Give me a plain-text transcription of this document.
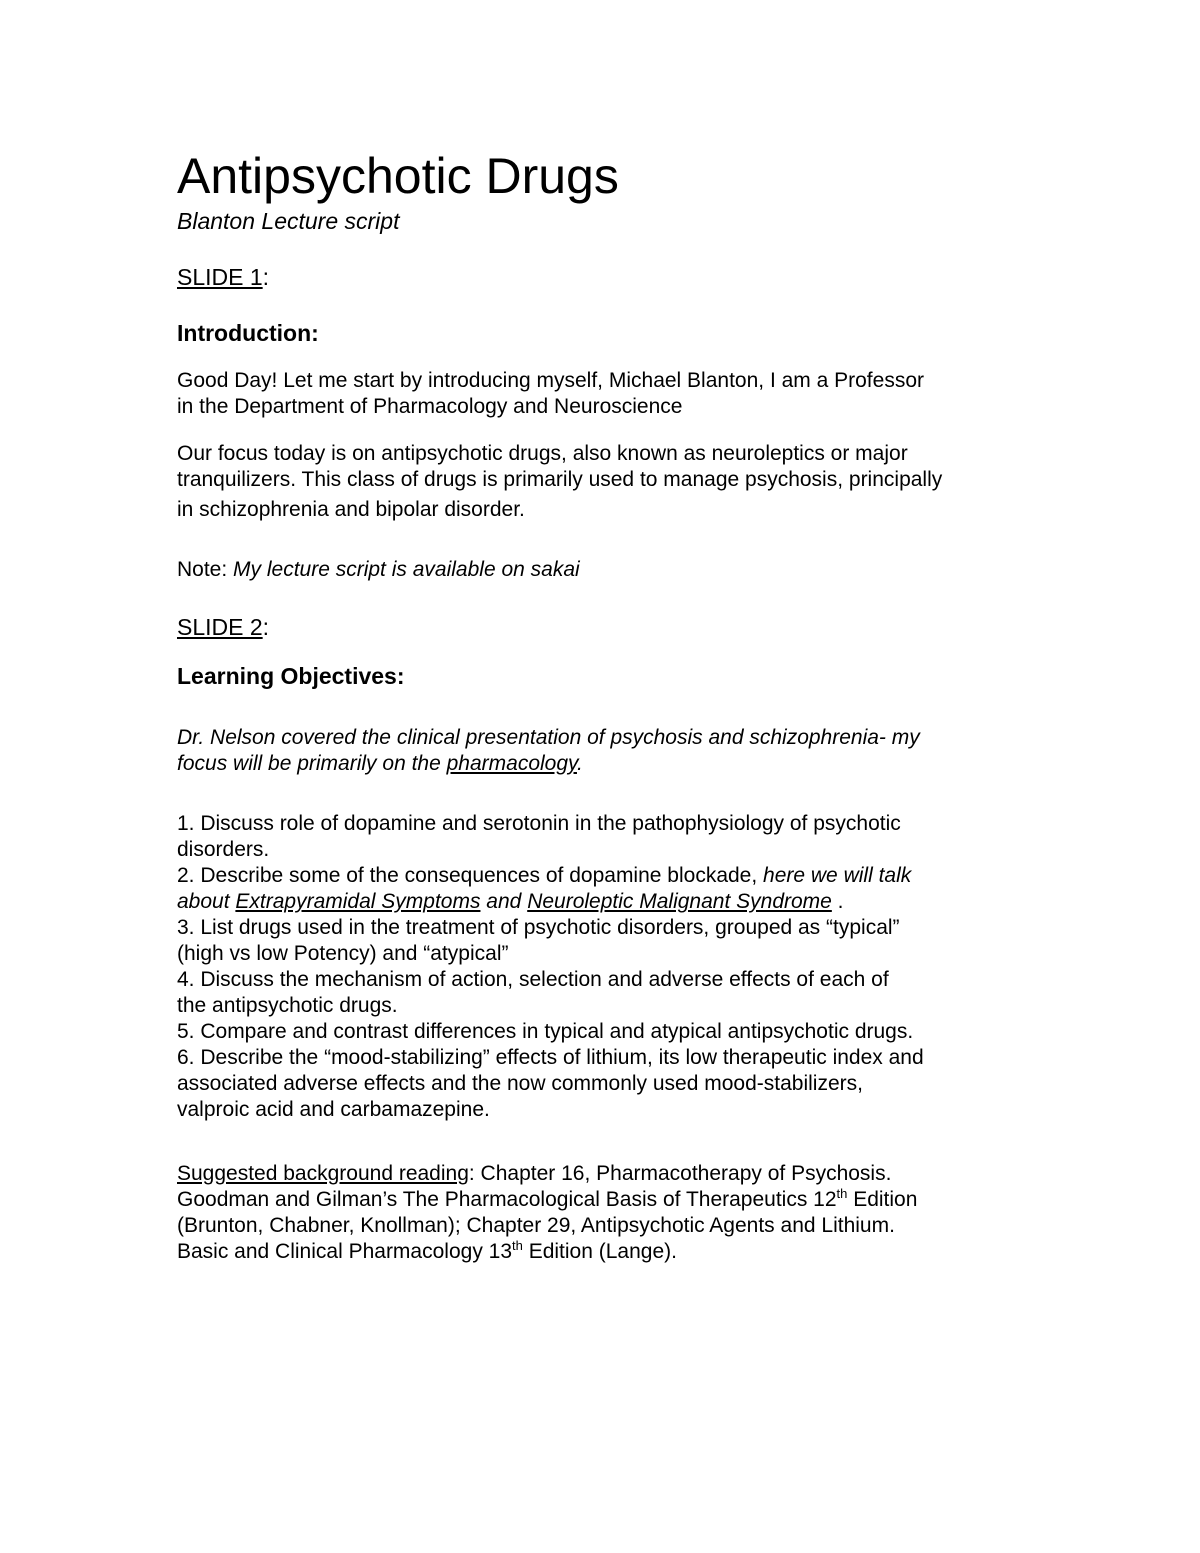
Antipsychotic Drugs
Blanton Lecture script
SLIDE 1:
Introduction:
Good Day! Let me start by introducing myself, Michael Blanton, I am a Professor
in the Department of Pharmacology and Neuroscience
Our focus today is on antipsychotic drugs, also known as neuroleptics or major
tranquilizers. This class of drugs is primarily used to manage psychosis, principally
in schizophrenia and bipolar disorder.
Note: My lecture script is available on sakai
SLIDE 2:
Learning Objectives:
Dr. Nelson covered the clinical presentation of psychosis and schizophrenia- my
focus will be primarily on the pharmacology.
1. Discuss role of dopamine and serotonin in the pathophysiology of psychotic
disorders.
2. Describe some of the consequences of dopamine blockade, here we will talk
about Extrapyramidal Symptoms and Neuroleptic Malignant Syndrome .
3. List drugs used in the treatment of psychotic disorders, grouped as “typical”
(high vs low Potency) and “atypical”
4. Discuss the mechanism of action, selection and adverse effects of each of
the antipsychotic drugs.
5. Compare and contrast differences in typical and atypical antipsychotic drugs.
6. Describe the “mood-stabilizing” effects of lithium, its low therapeutic index and
associated adverse effects and the now commonly used mood-stabilizers,
valproic acid and carbamazepine.
Suggested background reading: Chapter 16, Pharmacotherapy of Psychosis.
Goodman and Gilman’s The Pharmacological Basis of Therapeutics 12th Edition
(Brunton, Chabner, Knollman); Chapter 29, Antipsychotic Agents and Lithium.
Basic and Clinical Pharmacology 13th Edition (Lange).
